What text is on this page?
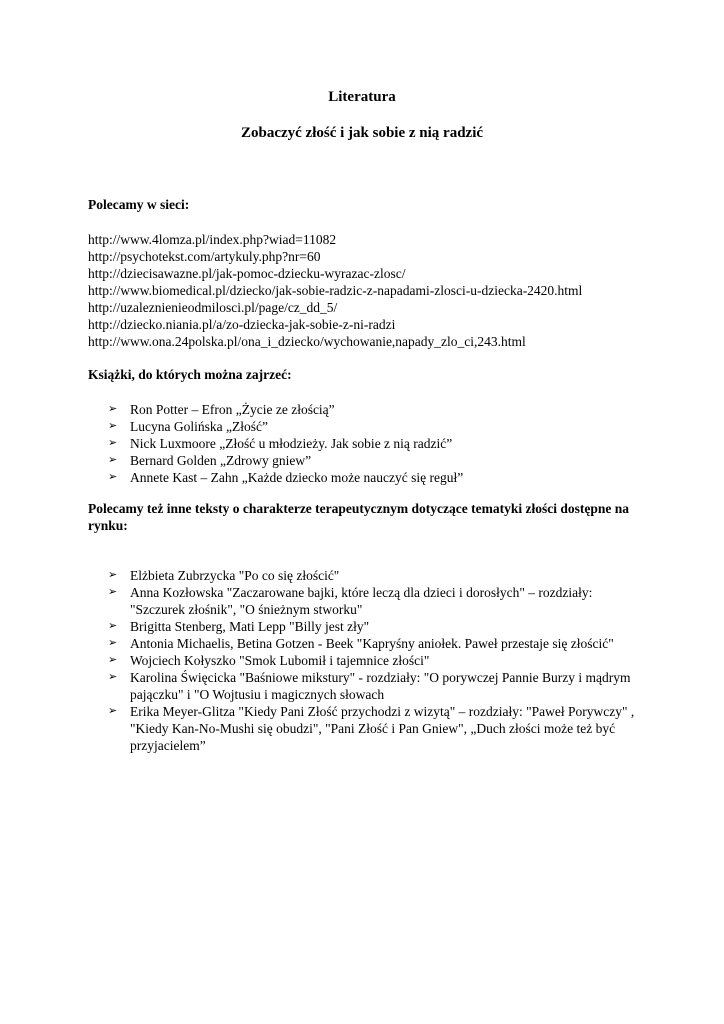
Literatura
Zobaczyć złość i jak sobie z nią radzić

Polecamy w sieci:

http://www.4lomza.pl/index.php?wiad=11082
http://psychotekst.com/artykuly.php?nr=60
http://dziecisawazne.pl/jak-pomoc-dziecku-wyrazac-zlosc/
http://www.biomedical.pl/dziecko/jak-sobie-radzic-z-napadami-zlosci-u-dziecka-2420.html
http://uzaleznienieodmilosci.pl/page/cz_dd_5/
http://dziecko.niania.pl/a/zo-dziecka-jak-sobie-z-ni-radzi
http://www.ona.24polska.pl/ona_i_dziecko/wychowanie,napady_zlo_ci,243.html

Książki, do których można zajrzeć:

➢ Ron Potter – Efron „Życie ze złością”
➢ Lucyna Golińska „Złość”
➢ Nick Luxmoore „Złość u młodzieży. Jak sobie z nią radzić”
➢ Bernard Golden „Zdrowy gniew”
➢ Annete Kast – Zahn „Każde dziecko może nauczyć się reguł”

Polecamy też inne teksty o charakterze terapeutycznym dotyczące tematyki złości dostępne na rynku:

➢ Elżbieta Zubrzycka "Po co się złościć"
➢ Anna Kozłowska "Zaczarowane bajki, które leczą dla dzieci i dorosłych" – rozdziały: "Szczurek złośnik", "O śnieżnym stworku"
➢ Brigitta Stenberg, Mati Lepp "Billy jest zły"
➢ Antonia Michaelis, Betina Gotzen - Beek "Kapryśny aniołek. Paweł przestaje się złościć"
➢ Wojciech Kołyszko "Smok Lubomił i tajemnice złości"
➢ Karolina Święcicka "Baśniowe mikstury" - rozdziały: "O porywczej Pannie Burzy i mądrym pajączku" i "O Wojtusiu i magicznych słowach
➢ Erika Meyer-Glitza "Kiedy Pani Złość przychodzi z wizytą" – rozdziały: "Paweł Porywczy" , "Kiedy Kan-No-Mushi się obudzi", "Pani Złość i Pan Gniew", „Duch złości może też być przyjacielem”
